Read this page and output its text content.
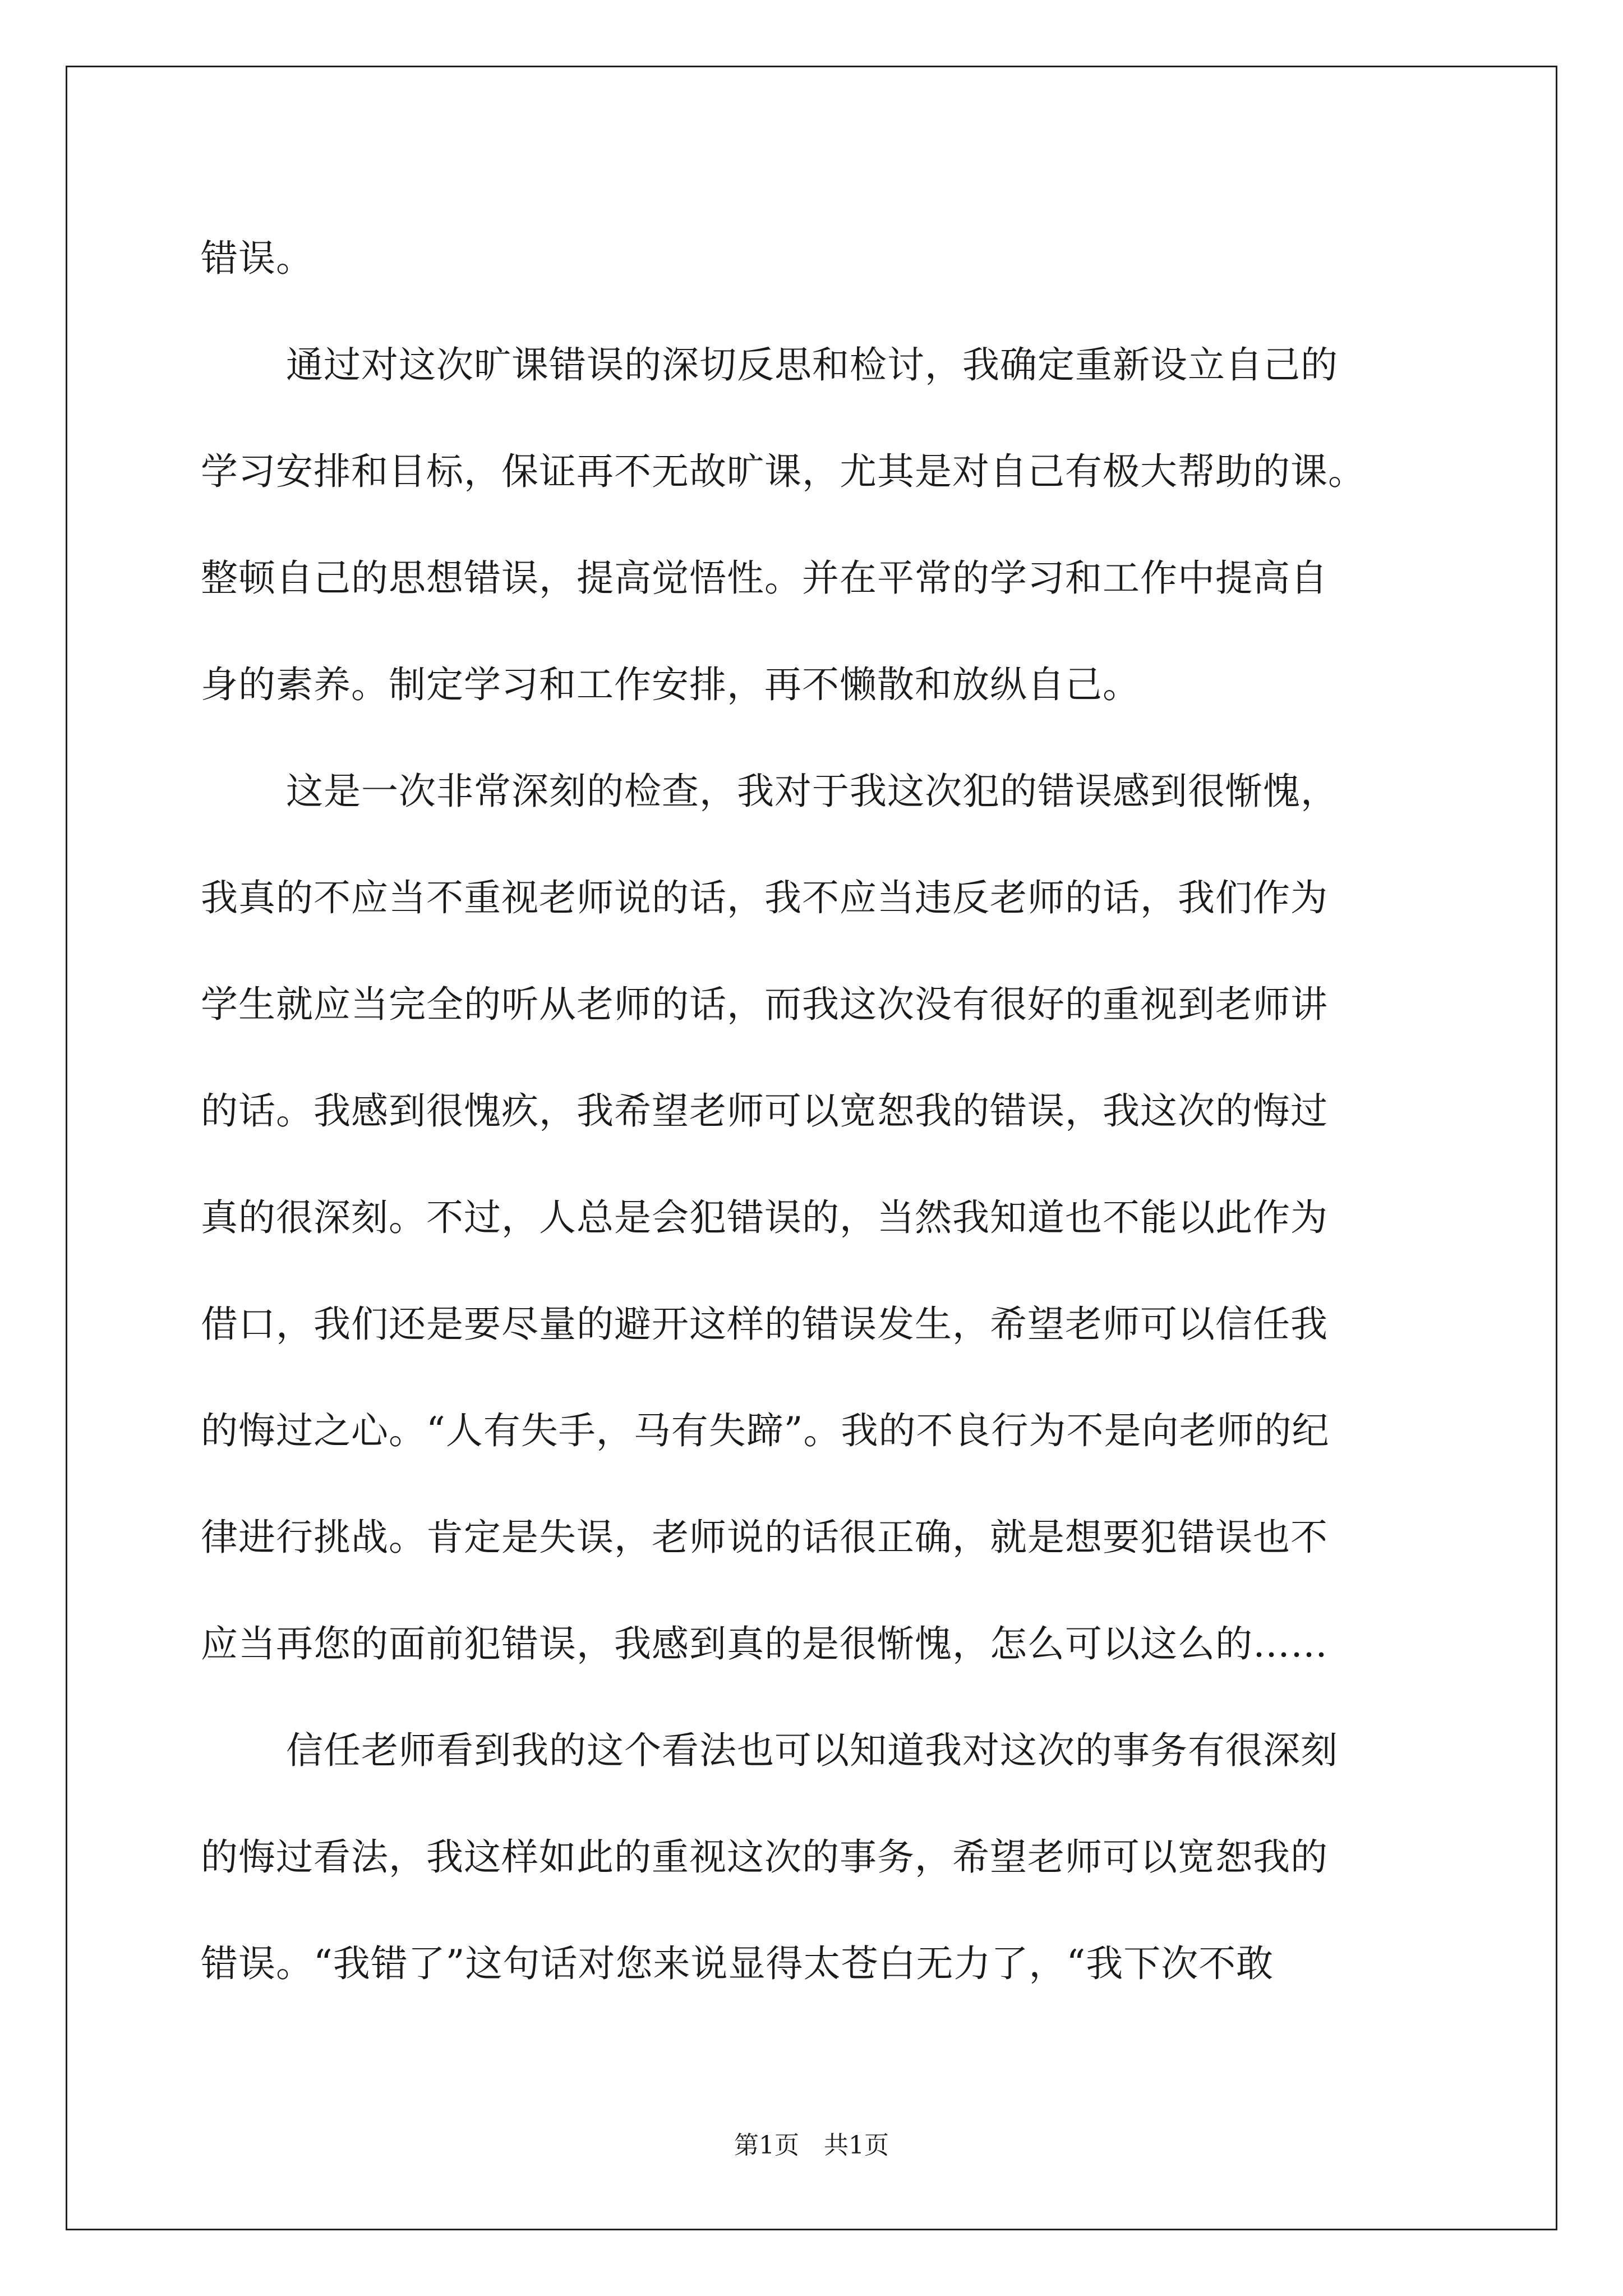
错误。
通过对这次旷课错误的深切反思和检讨，我确定重新设立自己的
学习安排和目标，保证再不无故旷课，尤其是对自己有极大帮助的课。
整顿自己的思想错误，提高觉悟性。并在平常的学习和工作中提高自
身的素养。制定学习和工作安排，再不懒散和放纵自己。
这是一次非常深刻的检查，我对于我这次犯的错误感到很惭愧，
我真的不应当不重视老师说的话，我不应当违反老师的话，我们作为
学生就应当完全的听从老师的话，而我这次没有很好的重视到老师讲
的话。我感到很愧疚，我希望老师可以宽恕我的错误，我这次的悔过
真的很深刻。不过，人总是会犯错误的，当然我知道也不能以此作为
借口，我们还是要尽量的避开这样的错误发生，希望老师可以信任我
的悔过之心。“人有失手，马有失蹄”。我的不良行为不是向老师的纪
律进行挑战。肯定是失误，老师说的话很正确，就是想要犯错误也不
应当再您的面前犯错误，我感到真的是很惭愧，怎么可以这么的……
信任老师看到我的这个看法也可以知道我对这次的事务有很深刻
的悔过看法，我这样如此的重视这次的事务，希望老师可以宽恕我的
错误。“我错了”这句话对您来说显得太苍白无力了，“我下次不敢
第1页　共1页
